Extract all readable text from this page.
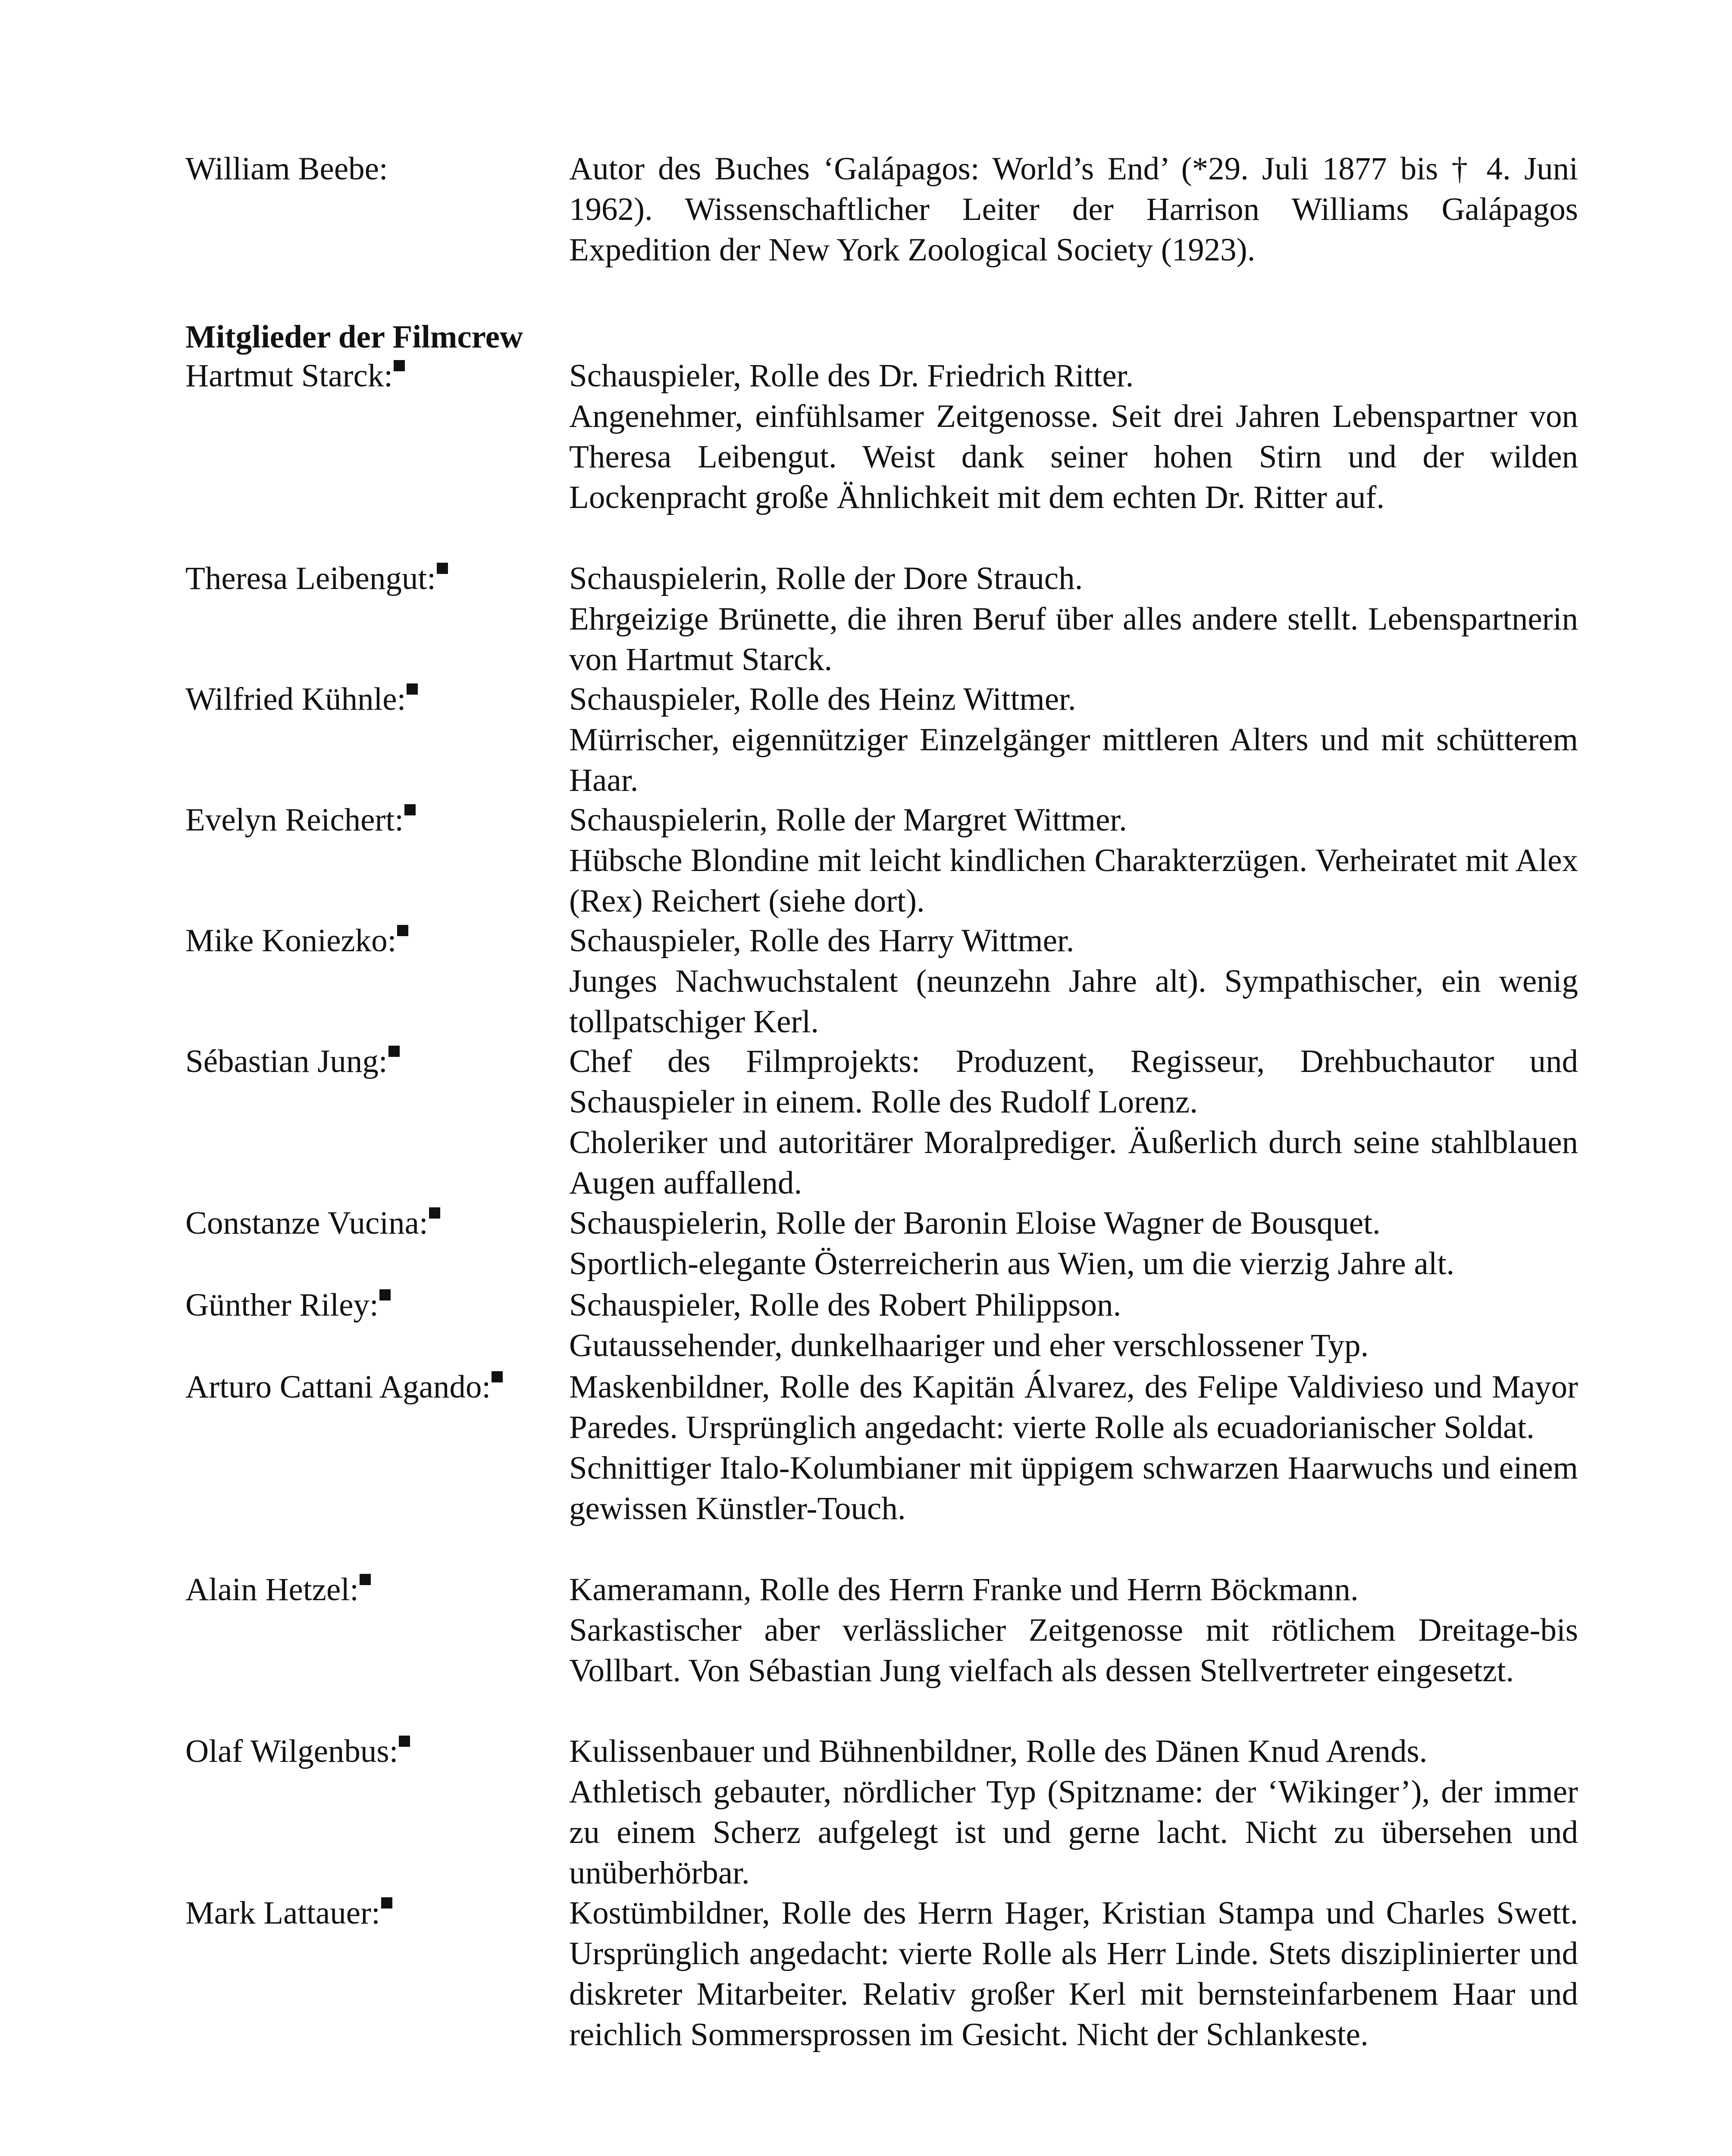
William Beebe:	Autor des Buches ‘Galápagos: World’s End’ (*29. Juli 1877 bis † 4. Juni 1962). Wissenschaftlicher Leiter der Harrison Williams Galápagos Expedition der New York Zoological Society (1923).

Mitglieder der Filmcrew
Hartmut Starck:	Schauspieler, Rolle des Dr. Friedrich Ritter.

Angenehmer, einfühlsamer Zeitgenosse. Seit drei Jahren Lebenspartner von Theresa Leibengut. Weist dank seiner hohen Stirn und der wilden Lockenpracht große Ähnlichkeit mit dem echten Dr. Ritter auf.

Theresa Leibengut:	Schauspielerin, Rolle der Dore Strauch.

Ehrgeizige Brünette, die ihren Beruf über alles andere stellt. Lebenspartnerin von Hartmut Starck.

Wilfried Kühnle:	Schauspieler, Rolle des Heinz Wittmer.

Mürrischer, eigennütziger Einzelgänger mittleren Alters und mit schütterem Haar.

Evelyn Reichert:	Schauspielerin, Rolle der Margret Wittmer.

Hübsche Blondine mit leicht kindlichen Charakterzügen. Verheiratet mit Alex (Rex) Reichert (siehe dort).

Mike Koniezko:	Schauspieler, Rolle des Harry Wittmer.

Junges Nachwuchstalent (neunzehn Jahre alt). Sympathischer, ein wenig tollpatschiger Kerl.

Sébastian Jung:	Chef des Filmprojekts: Produzent, Regisseur, Drehbuchautor und Schauspieler in einem. Rolle des Rudolf Lorenz.

Choleriker und autoritärer Moralprediger. Äußerlich durch seine stahlblauen Augen auffallend.

Constanze Vucina:	Schauspielerin, Rolle der Baronin Eloise Wagner de Bousquet.

Sportlich-elegante Österreicherin aus Wien, um die vierzig Jahre alt.

Günther Riley:	Schauspieler, Rolle des Robert Philippson.

Gutaussehender, dunkelhaariger und eher verschlossener Typ.

Arturo Cattani Agando:	Maskenbildner, Rolle des Kapitän Álvarez, des Felipe Valdivieso und Mayor Paredes. Ursprünglich angedacht: vierte Rolle als ecuadorianischer Soldat.

Schnittiger Italo-Kolumbianer mit üppigem schwarzen Haarwuchs und einem gewissen Künstler-Touch.

Alain Hetzel:	Kameramann, Rolle des Herrn Franke und Herrn Böckmann.

Sarkastischer aber verlässlicher Zeitgenosse mit rötlichem Dreitage-bis Vollbart. Von Sébastian Jung vielfach als dessen Stellvertreter eingesetzt.

Olaf Wilgenbus:	Kulissenbauer und Bühnenbildner, Rolle des Dänen Knud Arends.

Athletisch gebauter, nördlicher Typ (Spitzname: der ‘Wikinger’), der immer zu einem Scherz aufgelegt ist und gerne lacht. Nicht zu übersehen und unüberhörbar.

Mark Lattauer:	Kostümbildner, Rolle des Herrn Hager, Kristian Stampa und Charles Swett. Ursprünglich angedacht: vierte Rolle als Herr Linde. Stets disziplinierter und diskreter Mitarbeiter. Relativ großer Kerl mit bernsteinfarbenem Haar und reichlich Sommersprossen im Gesicht. Nicht der Schlankeste.
